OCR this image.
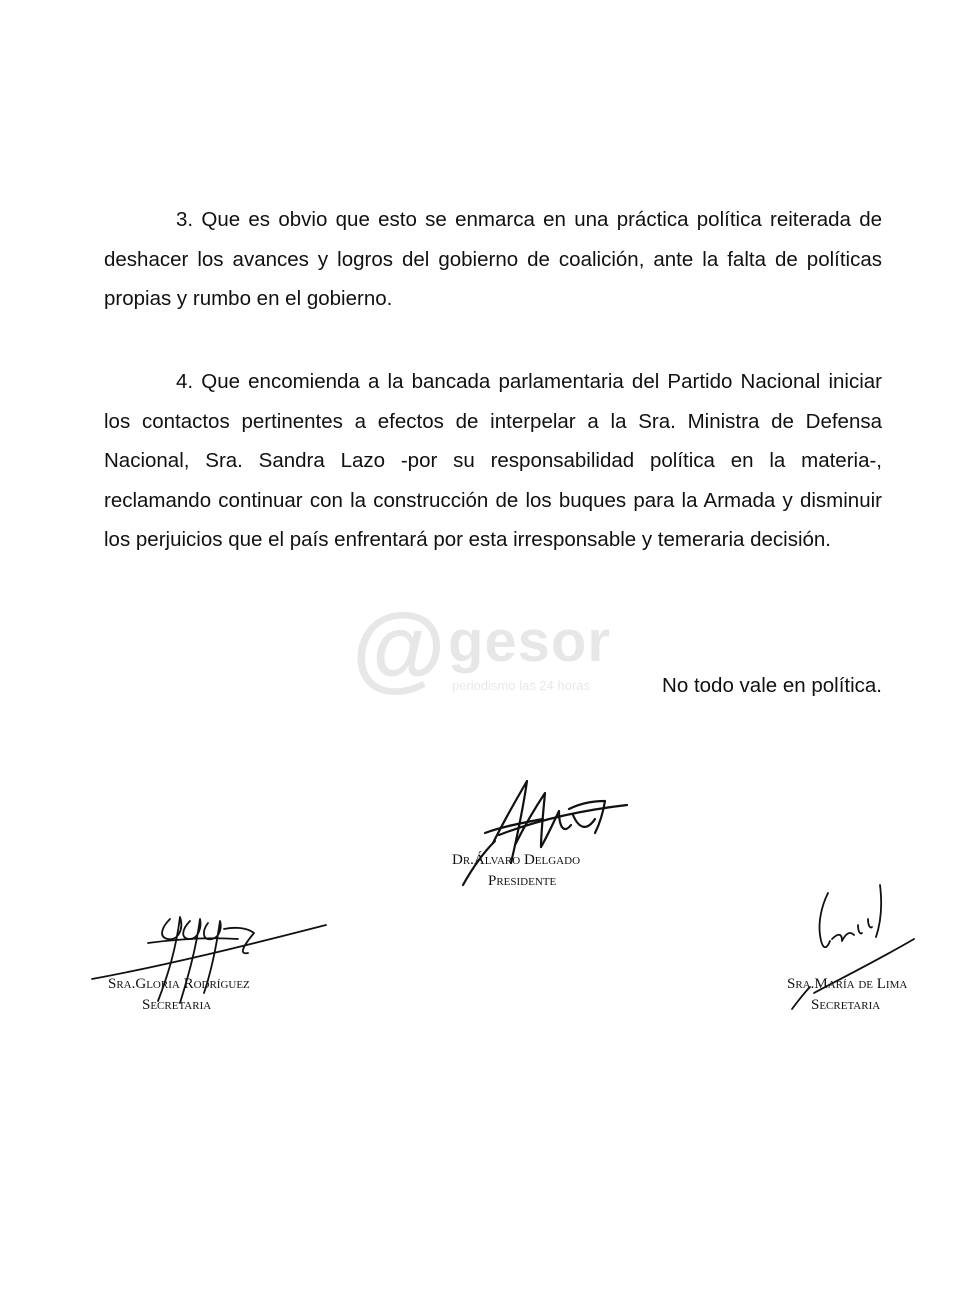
3. Que es obvio que esto se enmarca en una práctica política reiterada de deshacer los avances y logros del gobierno de coalición, ante la falta de políticas propias y rumbo en el gobierno.

4. Que encomienda a la bancada parlamentaria del Partido Nacional iniciar los contactos pertinentes a efectos de interpelar a la Sra. Ministra de Defensa Nacional, Sra. Sandra Lazo -por su responsabilidad política en la materia-, reclamando continuar con la construcción de los buques para la Armada y disminuir los perjuicios que el país enfrentará por esta irresponsable y temeraria decisión.

@ gesor
periodismo las 24 horas	No todo vale en política.
Dr.Álvaro Delgado
Presidente
Sra.Gloria Rodríguez
Secretaria
Sra.María de Lima
Secretaria
